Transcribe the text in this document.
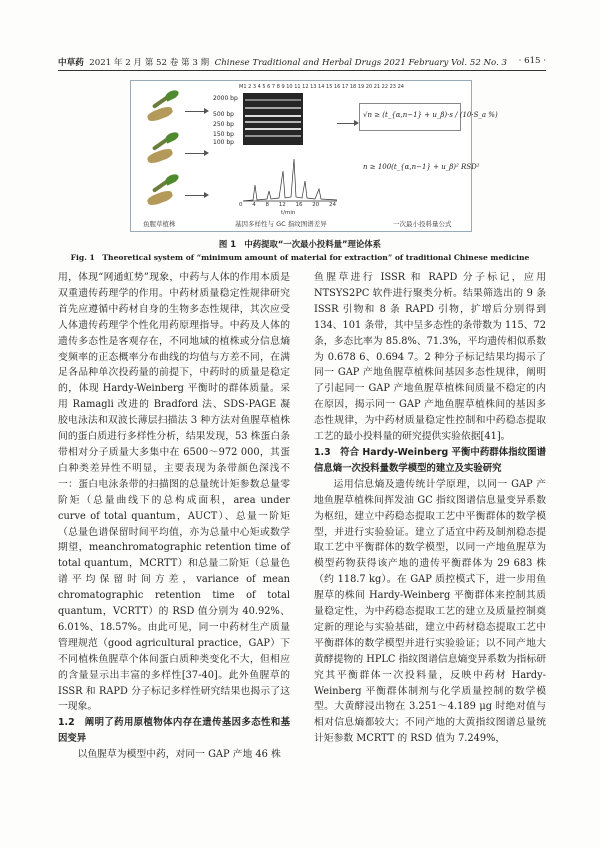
中草药 2021 年 2 月 第 52 卷 第 3 期 Chinese Traditional and Herbal Drugs 2021 February Vol. 52 No. 3 · 615 ·
M1 2 3 4 5 6 7 8 9 10 11 12 13 14 15 16 17 18 19 20 21 22 23 24
2000 bp
500 bp
250 bp
150 bp
100 bp
0 4 8 12 16 20 24
t/min
√n ≥ (t_{α,n−1} + u_β)·s / (10·S_a %)
n ≥ 100(t_{α,n−1} + u_β)² RSD²
鱼腥草植株	基因多样性与 GC 指纹图谱差异	一次最小投料量公式
图 1　中药提取“一次最小投料量”理论体系
Fig. 1　Theoretical system of “minimum amount of material for extraction” of traditional Chinese medicine

用，体现“网通虹势”现象，中药与人体的作用本质是双重遗传药理学的作用。中药材质量稳定性规律研究首先应遵循中药材自身的生物多态性规律，其次应受人体遗传药理学个性化用药原理指导。中药及人体的遗传多态性是客观存在，不同地域的植株或分信息熵变频率的正态概率分布曲线的均值与方差不同，在满足各品种单次投药量的前提下，中药时的质量是稳定的，体现 Hardy-Weinberg 平衡时的群体质量。采用 Ramagli 改进的 Bradford 法、SDS-PAGE 凝胶电泳法和双波长薄层扫描法 3 种方法对鱼腥草植株间的蛋白质进行多样性分析，结果发现，53 株蛋白条带相对分子质量大多集中在 6500～972 000，其蛋白种类差异性不明显，主要表现为条带颜色深浅不一：蛋白电泳条带的扫描图的总量统计矩参数总量零阶矩（总量曲线下的总构成面积，area under curve of total quantum，AUCT）、总量一阶矩（总量色谱保留时间平均值，亦为总量中心矩或数学期望，meanchromatographic retention time of total quantum，MCRTT）和总量二阶矩（总量色谱平均保留时间方差，variance of mean chromatographic retention time of total quantum，VCRTT）的 RSD 值分别为 40.92%、6.01%、18.57%。由此可见，同一中药材生产质量管理规范（good agricultural practice，GAP）下不同植株鱼腥草个体间蛋白质种类变化不大，但相应的含量显示出丰富的多样性[37-40]。此外鱼腥草的 ISSR 和 RAPD 分子标记多样性研究结果也揭示了这一现象。

1.2　阐明了药用原植物体内存在遗传基因多态性和基因变异

以鱼腥草为模型中药，对同一 GAP 产地 46 株

鱼腥草进行 ISSR 和 RAPD 分子标记，应用 NTSYS2PC 软件进行聚类分析。结果筛选出的 9 条 ISSR 引物和 8 条 RAPD 引物，扩增后分别得到 134、101 条带，其中呈多态性的条带数为 115、72 条，多态比率为 85.8%、71.3%，平均遗传相似系数为 0.678 6、0.694 7。2 种分子标记结果均揭示了同一 GAP 产地鱼腥草植株间基因多态性规律，阐明了引起同一 GAP 产地鱼腥草植株间质量不稳定的内在原因，揭示同一 GAP 产地鱼腥草植株间的基因多态性规律，为中药材质量稳定性控制和中药稳态提取工艺的最小投料量的研究提供实验依据[41]。

1.3　符合 Hardy-Weinberg 平衡中药群体指纹图谱信息熵一次投料量数学模型的建立及实验研究

运用信息熵及遗传统计学原理，以同一 GAP 产地鱼腥草植株间挥发油 GC 指纹图谱信息量变异系数为枢纽，建立中药稳态提取工艺中平衡群体的数学模型，并进行实验验证。建立了适宜中药及制剂稳态提取工艺中平衡群体的数学模型，以同一产地鱼腥草为模型药物获得该产地的遗传平衡群体为 29 683 株（约 118.7 kg）。在 GAP 质控模式下，进一步用鱼腥草的株间 Hardy-Weinberg 平衡群体来控制其质量稳定性，为中药稳态提取工艺的建立及质量控制奠定新的理论与实验基础，建立中药材稳态提取工艺中平衡群体的数学模型并进行实验验证；以不同产地大黄酵提物的 HPLC 指纹图谱信息熵变异系数为指标研究其平衡群体一次投料量，反映中药材 Hardy-Weinberg 平衡群体制剂与化学质量控制的数学模型。大黄酵浸出物在 3.251～4.189 μg 时绝对值与相对信息熵都较大；不同产地的大黄指纹图谱总量统计矩参数 MCRTT 的 RSD 值为 7.249%，
